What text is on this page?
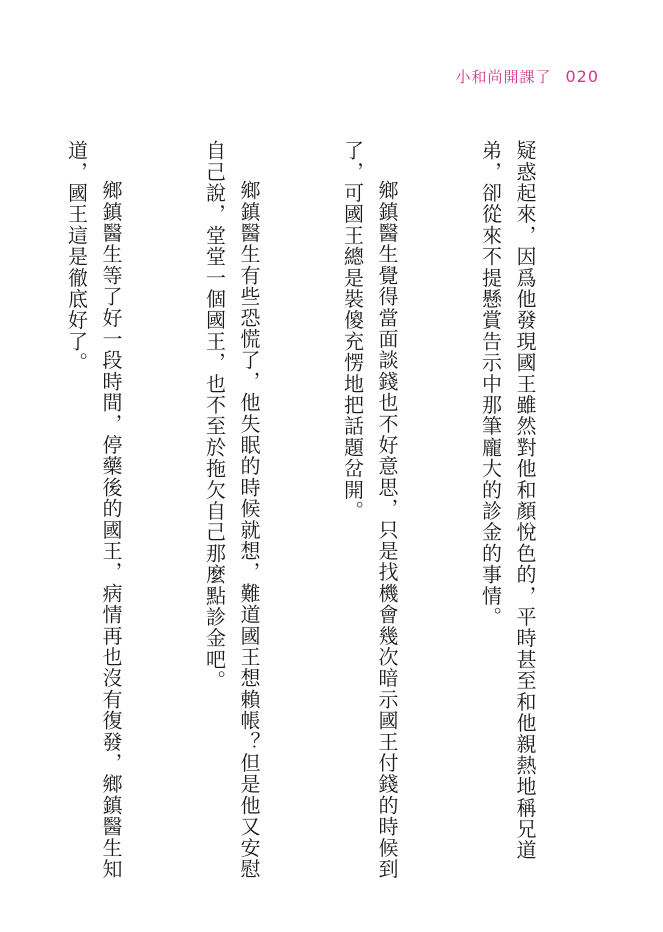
小和尚開課了 020

疑惑起來，因爲他發現國王雖然對他和顏悅色的，平時甚至和他親熱地稱兄道弟，卻從來不提懸賞告示中那筆龐大的診金的事情。

鄉鎮醫生覺得當面談錢也不好意思，只是找機會幾次暗示國王付錢的時候到了，可國王總是裝傻充愣地把話題岔開。

鄉鎮醫生有些恐慌了，他失眠的時候就想，難道國王想賴帳？但是他又安慰自己說，堂堂一個國王，也不至於拖欠自己那麼點診金吧。

鄉鎮醫生等了好一段時間，停藥後的國王，病情再也沒有復發，鄉鎮醫生知道，國王這是徹底好了。
